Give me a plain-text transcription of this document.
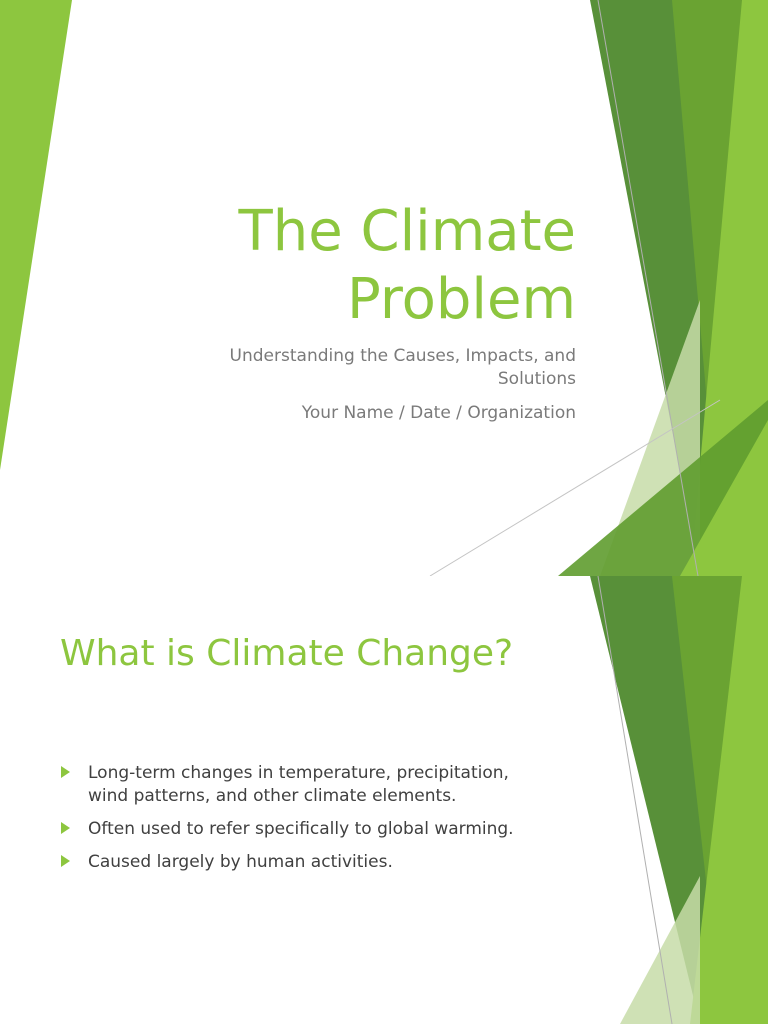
The Climate
Problem

Understanding the Causes, Impacts, and
Solutions

Your Name / Date / Organization

What is Climate Change?
Long-term changes in temperature, precipitation,
wind patterns, and other climate elements.
Often used to refer specifically to global warming.
Caused largely by human activities.
